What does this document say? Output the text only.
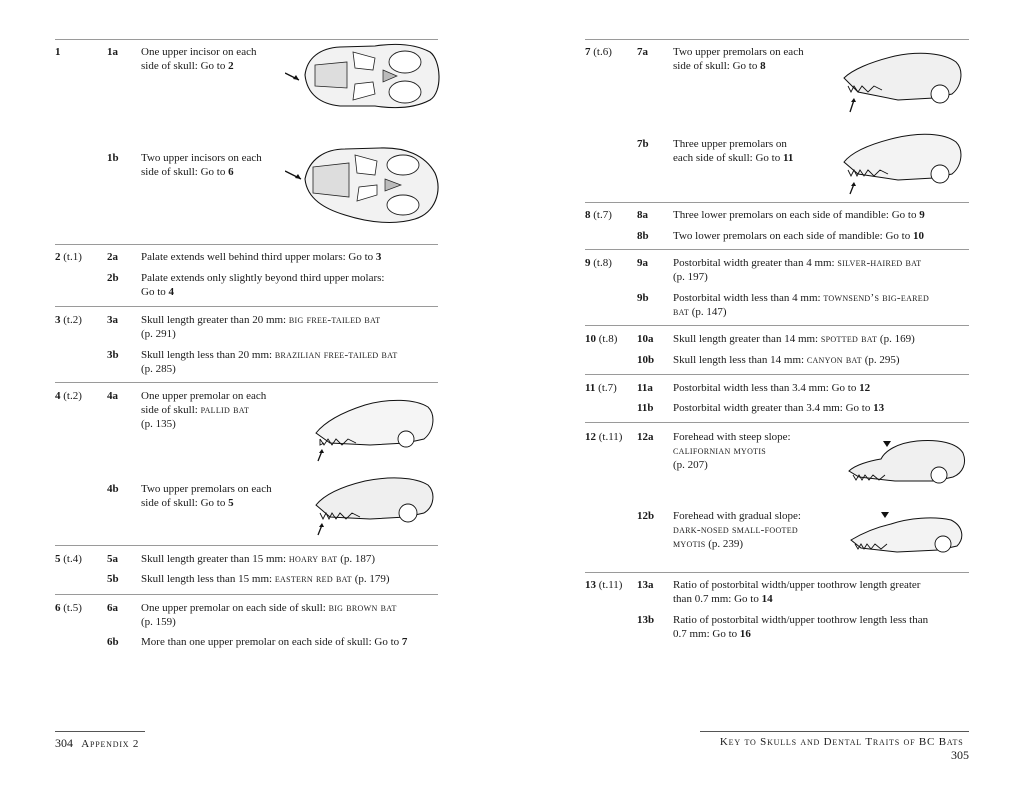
1	1a One upper incisor on each
side of skull: Go to 2
1b Two upper incisors on each
side of skull: Go to 6
2 (t.1) 2a Palate extends well behind third upper molars: Go to 3
2b Palate extends only slightly beyond third upper molars:
Go to 4
3 (t.2) 3a Skull length greater than 20 mm: big free-tailed bat
(p. 291)
3b Skull length less than 20 mm: brazilian free-tailed bat
(p. 285)
4 (t.2) 4a One upper premolar on each
side of skull: pallid bat
(p. 135)
4b Two upper premolars on each
side of skull: Go to 5
5 (t.4) 5a Skull length greater than 15 mm: hoary bat (p. 187)
5b Skull length less than 15 mm: eastern red bat (p. 179)
6 (t.5) 6a One upper premolar on each side of skull: big brown bat
(p. 159)
6b More than one upper premolar on each side of skull: Go to 7
304 Appendix 2
7 (t.6) 7a Two upper premolars on each
side of skull: Go to 8
7b Three upper premolars on
each side of skull: Go to 11
8 (t.7) 8a Three lower premolars on each side of mandible: Go to 9
8b Two lower premolars on each side of mandible: Go to 10
9 (t.8) 9a Postorbital width greater than 4 mm: silver-haired bat
(p. 197)
9b Postorbital width less than 4 mm: townsend’s big-eared
bat (p. 147)
10 (t.8) 10a Skull length greater than 14 mm: spotted bat (p. 169)
10b Skull length less than 14 mm: canyon bat (p. 295)
11 (t.7) 11a Postorbital width less than 3.4 mm: Go to 12
11b Postorbital width greater than 3.4 mm: Go to 13
12 (t.11) 12a Forehead with steep slope:
californian myotis
(p. 207)
12b Forehead with gradual slope:
dark-nosed small-footed
myotis (p. 239)
13 (t.11) 13a Ratio of postorbital width/upper toothrow length greater
than 0.7 mm: Go to 14
13b Ratio of postorbital width/upper toothrow length less than
0.7 mm: Go to 16
Key to Skulls and Dental Traits of BC Bats   305
